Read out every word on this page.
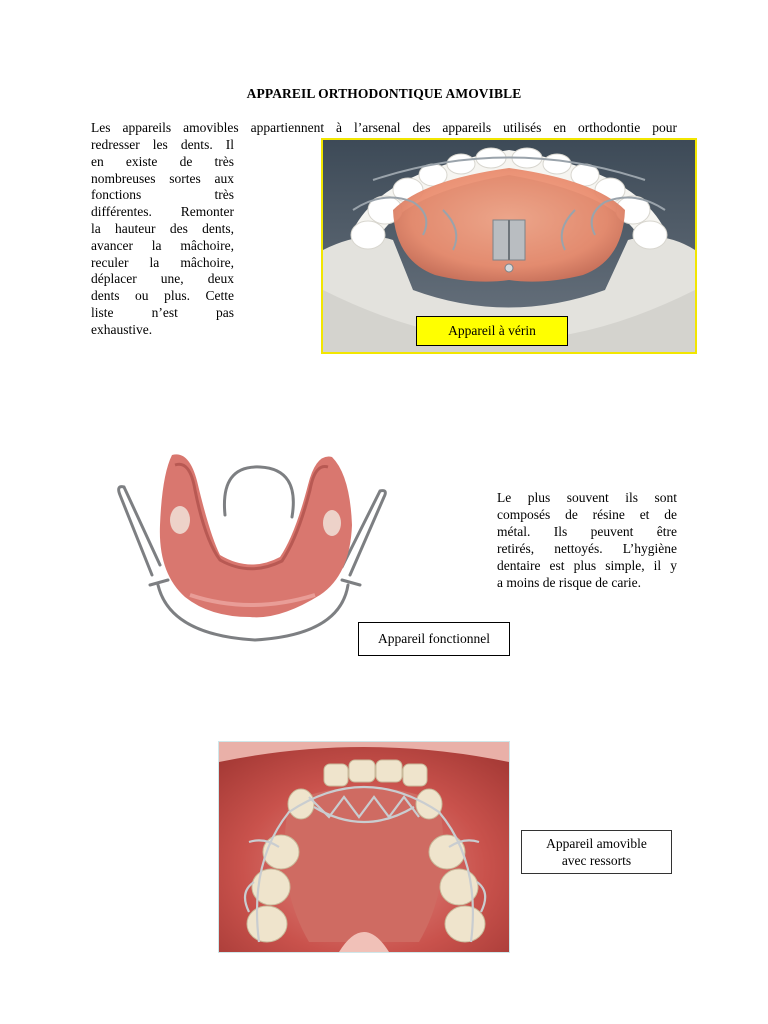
APPAREIL ORTHODONTIQUE AMOVIBLE
Les appareils amovibles appartiennent à l’arsenal des appareils utilisés en orthodontie pour
redresser les dents. Il
en existe de très
nombreuses sortes aux
fonctions très
différentes. Remonter
la hauteur des dents,
avancer la mâchoire,
reculer la mâchoire,
déplacer une, deux
dents ou plus. Cette
liste n’est pas
exhaustive.	Appareil à vérin
Le plus souvent ils sont
composés de résine et de
métal. Ils peuvent être
retirés, nettoyés. L’hygiène
dentaire est plus simple, il y
a moins de risque de carie.
Appareil fonctionnel
Appareil amovible
avec ressorts
